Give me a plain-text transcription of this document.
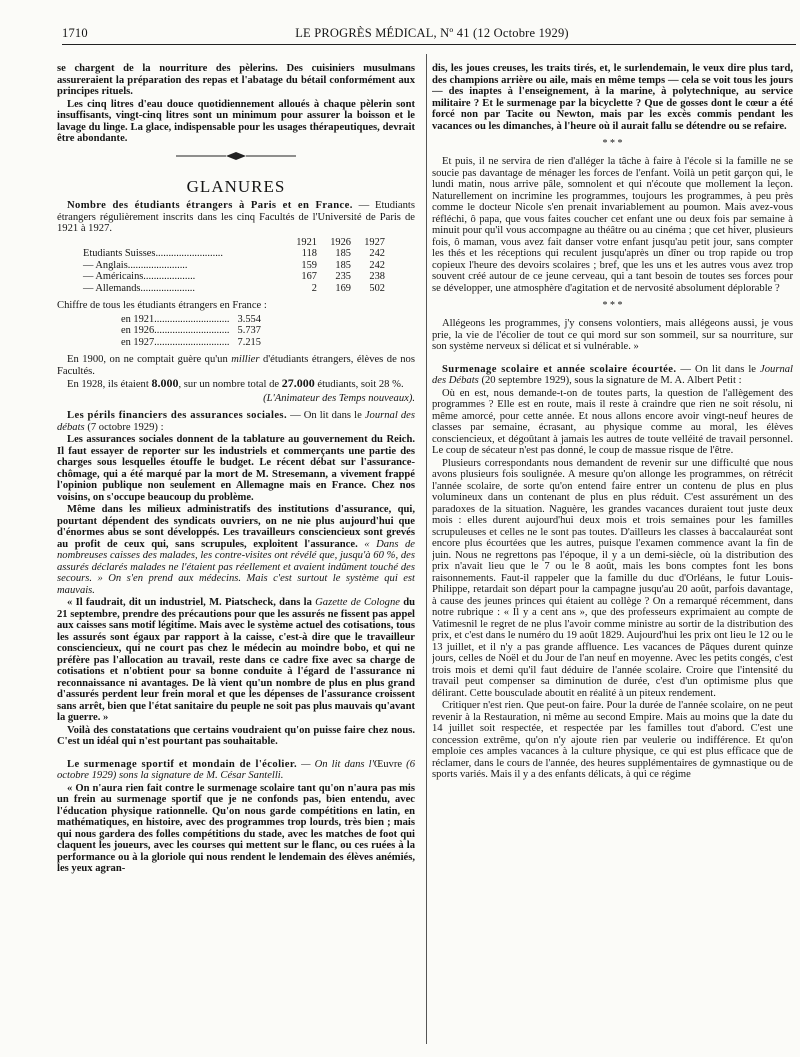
1710	LE PROGRÈS MÉDICAL, Nº 41 (12 Octobre 1929)

se chargent de la nourriture des pèlerins. Des cuisiniers musulmans assureraient la préparation des repas et l'abatage du bétail conformément aux principes rituels.

Les cinq litres d'eau douce quotidiennement alloués à chaque pèlerin sont insuffisants, vingt-cinq litres sont un minimum pour assurer la boisson et le lavage du linge. La glace, indispensable pour les usages thérapeutiques, devrait être abondante.

GLANURES

Nombre des étudiants étrangers à Paris et en France. — Etudiants étrangers régulièrement inscrits dans les cinq Facultés de l'Université de Paris de 1921 à 1927.

	1921	1926	1927
Etudiants Suisses..........................	118	185	242
— Anglais.......................	159	185	242
— Américains....................	167	235	238
— Allemands.....................	2	169	502

Chiffre de tous les étudiants étrangers en France :

en 1921.............................	3.554
en 1926.............................	5.737
en 1927.............................	7.215

En 1900, on ne comptait guère qu'un millier d'étudiants étrangers, élèves de nos Facultés.

En 1928, ils étaient 8.000, sur un nombre total de 27.000 étudiants, soit 28 %.

(L'Animateur des Temps nouveaux).

Les périls financiers des assurances sociales. — On lit dans le Journal des débats (7 octobre 1929) :

Les assurances sociales donnent de la tablature au gouvernement du Reich. Il faut essayer de reporter sur les industriels et commerçants une partie des charges sous lesquelles étouffe le budget. Le récent débat sur l'assurance-chômage, qui a été marqué par la mort de M. Stresemann, a vivement frappé l'opinion publique non seulement en Allemagne mais en France. Chez nos voisins, on s'occupe beaucoup du problème.

Même dans les milieux administratifs des institutions d'assurance, qui, pourtant dépendent des syndicats ouvriers, on ne nie plus aujourd'hui que d'énormes abus se sont développés. Les travailleurs consciencieux sont grevés au profit de ceux qui, sans scrupules, exploitent l'assurance. « Dans de nombreuses caisses des malades, les contre-visites ont révélé que, jusqu'à 60 %, des assurés déclarés malades ne l'étaient pas réellement et avaient indûment touché des secours. » On s'en prend aux médecins. Mais c'est surtout le système qui est mauvais.

« Il faudrait, dit un industriel, M. Piatscheck, dans la Gazette de Cologne du 21 septembre, prendre des précautions pour que les assurés ne fissent pas appel aux caisses sans motif légitime. Mais avec le système actuel des cotisations, tous les assurés sont égaux par rapport à la caisse, c'est-à dire que le travailleur consciencieux, qui ne court pas chez le médecin au moindre bobo, et qui ne préfère pas l'allocation au travail, reste dans ce cadre fixe avec sa charge de cotisations et n'obtient pour sa bonne conduite à l'égard de l'assurance ni reconnaissance ni avantages. De là vient qu'un nombre de plus en plus grand d'assurés perdent leur frein moral et que les dépenses de l'assurance croissent sans arrêt, bien que l'état sanitaire du peuple ne soit pas plus mauvais qu'avant la guerre. »

Voilà des constatations que certains voudraient qu'on puisse faire chez nous. C'est un idéal qui n'est pourtant pas souhaitable.

Le surmenage sportif et mondain de l'écolier. — On lit dans l'Œuvre (6 octobre 1929) sons la signature de M. César Santelli.

« On n'aura rien fait contre le surmenage scolaire tant qu'on n'aura pas mis un frein au surmenage sportif que je ne confonds pas, bien entendu, avec l'éducation physique rationnelle. Qu'on nous garde compétitions en latin, en mathématiques, en histoire, avec des programmes trop lourds, très bien ; mais qui nous gardera des folles compétitions du stade, avec les matches de foot qui claquent les joueurs, avec les courses qui mettent sur le flanc, ou ces ruées à la performance ou à la gloriole qui nous rendent le lendemain des élèves anémiés, les yeux agran-

dis, les joues creuses, les traits tirés, et, le surlendemain, le veux dire plus tard, des champions arrière ou aile, mais en même temps — cela se voit tous les jours — des inaptes à l'enseignement, à la marine, à polytechnique, au service militaire ? Et le surmenage par la bicyclette ? Que de gosses dont le cœur a été forcé non par Tacite ou Newton, mais par les excès commis pendant les vacances ou les dimanches, à l'heure où il aurait fallu se détendre ou se refaire.

* * *

Et puis, il ne servira de rien d'alléger la tâche à faire à l'école si la famille ne se soucie pas davantage de ménager les forces de l'enfant. Voilà un petit garçon qui, le lundi matin, nous arrive pâle, somnolent et qui n'écoute que mollement la leçon. Naturellement on incrimine les programmes, toujours les programmes, à peu près comme le docteur Nicole s'en prenait invariablement au poumon. Mais avez-vous réfléchi, ô papa, que vous faites coucher cet enfant une ou deux fois par semaine à minuit pour qu'il vous accompagne au théâtre ou au cinéma ; que cet hiver, plusieurs fois, ô maman, vous avez fait danser votre enfant jusqu'au petit jour, sans compter les thés et les réceptions qui reculent jusqu'après un dîner ou trop rapide ou trop copieux l'heure des devoirs scolaires ; bref, que les uns et les autres vous avez trop souvent créé autour de ce jeune cerveau, qui a tant besoin de toutes ses forces pour se développer, une atmosphère d'agitation et de nervosité absolument déplorable ?

* * *

Allégeons les programmes, j'y consens volontiers, mais allégeons aussi, je vous prie, la vie de l'écolier de tout ce qui mord sur son sommeil, sur sa nourriture, sur son système nerveux si délicat et si vulnérable. »

Surmenage scolaire et année scolaire écourtée. — On lit dans le Journal des Débats (20 septembre 1929), sous la signature de M. A. Albert Petit :

Où en est, nous demande-t-on de toutes parts, la question de l'allègement des programmes ? Elle est en route, mais il reste à craindre que rien ne soit résolu, ni même amorcé, pour cette année. Et nous allons encore avoir vingt-neuf heures de classes par semaine, écrasant, au physique comme au moral, les élèves consciencieux, et dégoûtant à jamais les autres de toute velléité de travail personnel. Le coup de sécateur n'est pas donné, le coup de massue risque de l'être.

Plusieurs correspondants nous demandent de revenir sur une difficulté que nous avons plusieurs fois soulignée. A mesure qu'on allonge les programmes, on rétrécit l'année scolaire, de sorte qu'on entend faire entrer un contenu de plus en plus volumineux dans un contenant de plus en plus réduit. C'est assurément un des paradoxes de la situation. Naguère, les grandes vacances duraient tout juste deux mois : elles durent aujourd'hui deux mois et trois semaines pour les familles scrupuleuses et celles ne le sont pas toutes. D'ailleurs les classes à baccalauréat sont encore plus écourtées que les autres, puisque l'examen commence avant la fin de juin. Nous ne regrettons pas l'époque, il y a un demi-siècle, où la distribution des prix n'avait lieu que le 7 ou le 8 août, mais les bons comptes font les bons raisonnements. Faut-il rappeler que la famille du duc d'Orléans, le futur Louis-Philippe, retardait son départ pour la campagne jusqu'au 20 août, parfois davantage, à cause des jeunes princes qui étaient au collège ? On a remarqué récemment, dans notre rubrique : « Il y a cent ans », que des professeurs exprimaient au compte de Vatimesnil le regret de ne plus l'avoir comme ministre au sortir de la distribution des prix, et c'est dans le numéro du 19 août 1829. Aujourd'hui les prix ont lieu le 12 ou le 13 juillet, et il n'y a pas grande affluence. Les vacances de Pâques durent quinze jours, celles de Noël et du Jour de l'an neuf en moyenne. Avec les petits congés, c'est trois mois et demi qu'il faut déduire de l'année scolaire. Croire que l'intensité du travail peut compenser sa diminution de durée, c'est d'un optimisme plus que délirant. Cette bousculade aboutit en réalité à un piteux rendement.

Critiquer n'est rien. Que peut-on faire. Pour la durée de l'année scolaire, on ne peut revenir à la Restauration, ni même au second Empire. Mais au moins que la date du 14 juillet soit respectée, et respectée par les familles tout d'abord. C'est une concession extrême, qu'on n'y ajoute rien par veulerie ou indifférence. Et qu'on emploie ces amples vacances à la culture physique, ce qui est plus efficace que de réclamer, dans le cours de l'année, des heures supplémentaires de gymnastique ou de sports variés. Mais il y a des enfants délicats, à qui ce régime
